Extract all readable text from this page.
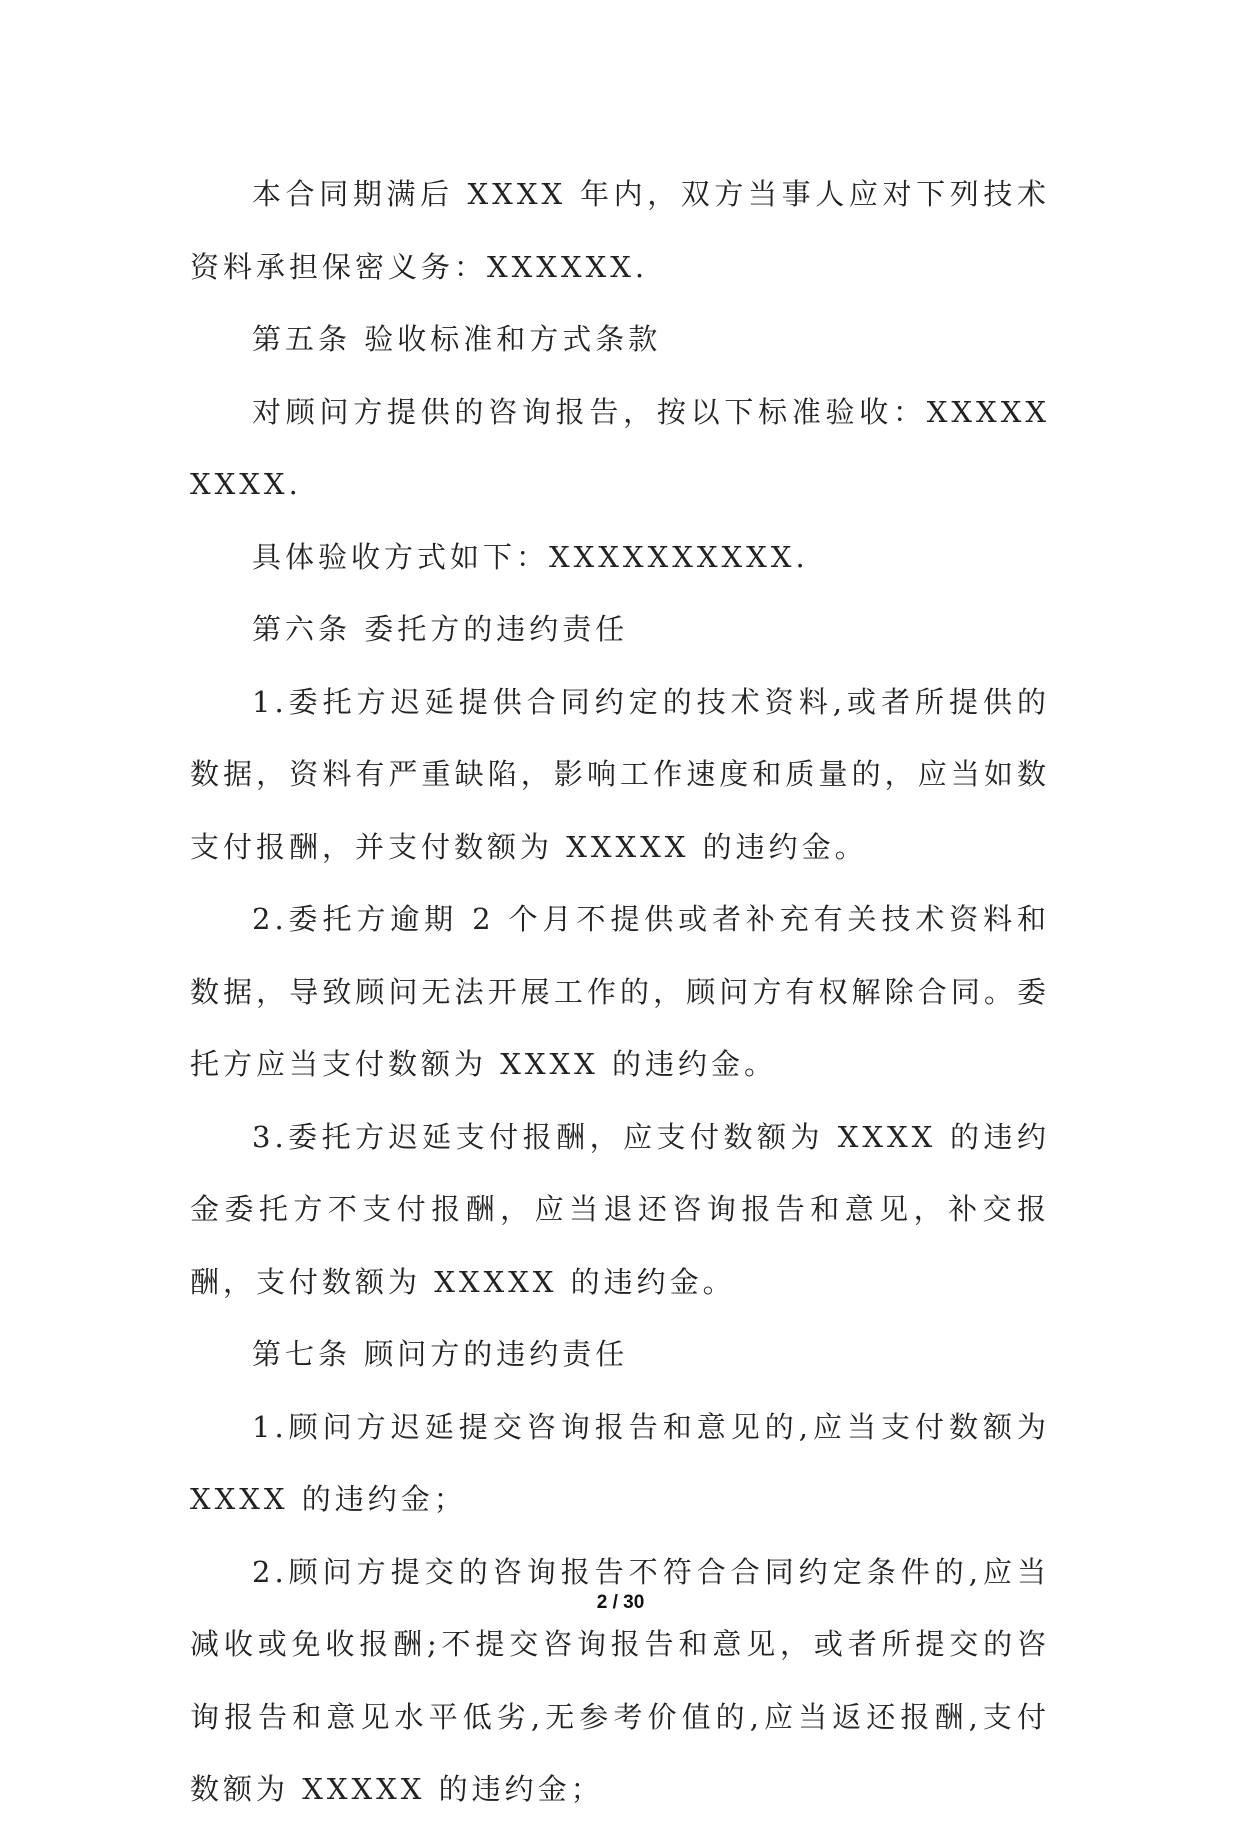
本合同期满后 XXXX 年内，双方当事人应对下列技术资料承担保密义务：XXXXXX.

第五条 验收标准和方式条款

对顾问方提供的咨询报告，按以下标准验收：XXXXXXXXX.

具体验收方式如下：XXXXXXXXXX.

第六条 委托方的违约责任

1.委托方迟延提供合同约定的技术资料,或者所提供的数据，资料有严重缺陷，影响工作速度和质量的，应当如数支付报酬，并支付数额为 XXXXX 的违约金。

2.委托方逾期 2 个月不提供或者补充有关技术资料和数据，导致顾问无法开展工作的，顾问方有权解除合同。委托方应当支付数额为 XXXX 的违约金。

3.委托方迟延支付报酬，应支付数额为 XXXX 的违约金委托方不支付报酬，应当退还咨询报告和意见，补交报酬，支付数额为 XXXXX 的违约金。

第七条 顾问方的违约责任

1.顾问方迟延提交咨询报告和意见的,应当支付数额为 XXXX 的违约金；

2.顾问方提交的咨询报告不符合合同约定条件的,应当减收或免收报酬;不提交咨询报告和意见，或者所提交的咨询报告和意见水平低劣,无参考价值的,应当返还报酬,支付数额为 XXXXX 的违约金；

2 / 30
